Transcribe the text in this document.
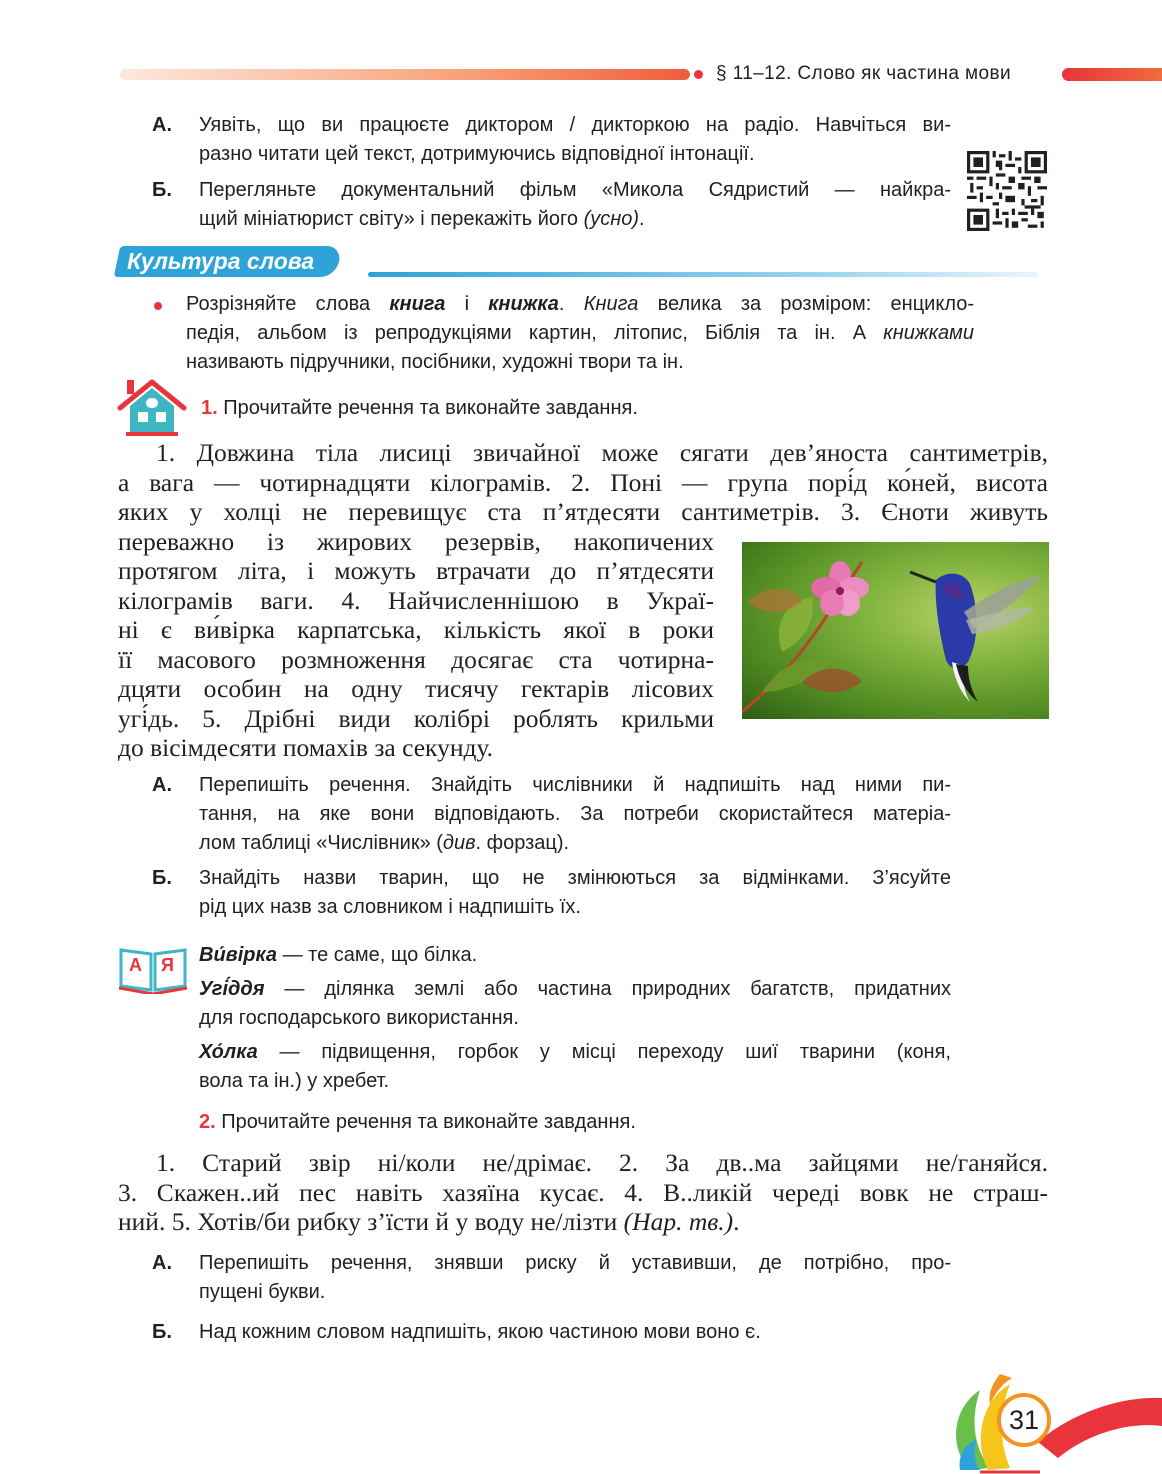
§ 11–12. Слово як частина мови
А. Уявіть, що ви працюєте диктором / дикторкою на радіо. Навчіться ви-
разно читати цей текст, дотримуючись відповідної інтонації.
Б. Перегляньте документальний фільм «Микола Сядристий — найкра-
щий мініатюрист світу» і перекажіть його (усно).
Культура слова
Розрізняйте слова книга і книжка. Книга велика за розміром: енцикло-
педія, альбом із репродукціями картин, літопис, Біблія та ін. А книжками
називають підручники, посібники, художні твори та ін.
1. Прочитайте речення та виконайте завдання.
1. Довжина тіла лисиці звичайної може сягати дев’яноста сантиметрів,
а вага — чотирнадцяти кілограмів. 2. Поні — група порі́д ко́ней, висота
яких у холці не перевищує ста п’ятдесяти сантиметрів. 3. Єноти живуть
переважно із жирових резервів, накопичених
протягом літа, і можуть втрачати до п’ятдесяти
кілограмів ваги. 4. Найчисленнішою в Украї-
ні є ви́вірка карпатська, кількість якої в роки
її масового розмноження досягає ста чотирна-
дцяти особин на одну тисячу гектарів лісових
угі́дь. 5. Дрібні види колібрі роблять крильми
до вісімдесяти помахів за секунду.
А. Перепишіть речення. Знайдіть числівники й надпишіть над ними пи-
тання, на яке вони відповідають. За потреби скористайтеся матеріа-
лом таблиці «Числівник» (див. форзац).
Б. Знайдіть назви тварин, що не змінюються за відмінками. З’ясуйте
рід цих назв за словником і надпишіть їх.
А Я Ви́вірка — те саме, що білка.
Угі́ддя — ділянка землі або частина природних багатств, придатних
для господарського використання.
Хо́лка — підвищення, горбок у місці переходу шиї тварини (коня,
вола та ін.) у хребет.
2. Прочитайте речення та виконайте завдання.
1. Старий звір ні/коли не/дрімає. 2. За дв..ма зайцями не/ганяйся.
3. Скажен..ий пес навіть хазяїна кусає. 4. В..ликій череді вовк не страш-
ний. 5. Хотів/би рибку з’їсти й у воду не/лізти (Нар. тв.).
А. Перепишіть речення, знявши риску й уставивши, де потрібно, про-
пущені букви.
Б. Над кожним словом надпишіть, якою частиною мови воно є.
31
